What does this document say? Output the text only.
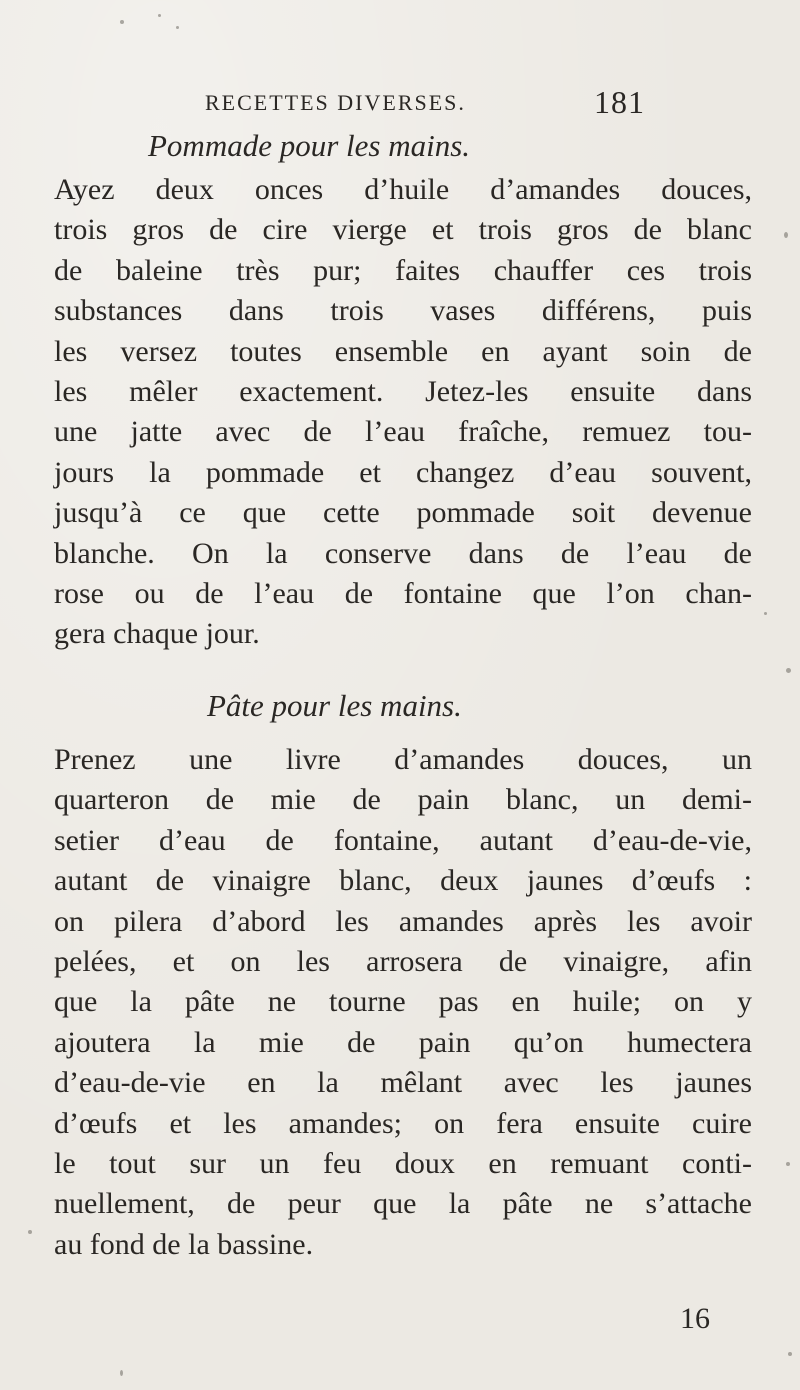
RECETTES DIVERSES.	181
Pommade pour les mains.
Ayez deux onces d’huile d’amandes douces,
trois gros de cire vierge et trois gros de blanc
de baleine très pur; faites chauffer ces trois
substances dans trois vases différens, puis
les versez toutes ensemble en ayant soin de
les mêler exactement. Jetez-les ensuite dans
une jatte avec de l’eau fraîche, remuez tou-
jours la pommade et changez d’eau souvent,
jusqu’à ce que cette pommade soit devenue
blanche. On la conserve dans de l’eau de
rose ou de l’eau de fontaine que l’on chan-
gera chaque jour.
Pâte pour les mains.
Prenez une livre d’amandes douces, un
quarteron de mie de pain blanc, un demi-
setier d’eau de fontaine, autant d’eau-de-vie,
autant de vinaigre blanc, deux jaunes d’œufs :
on pilera d’abord les amandes après les avoir
pelées, et on les arrosera de vinaigre, afin
que la pâte ne tourne pas en huile; on y
ajoutera la mie de pain qu’on humectera
d’eau-de-vie en la mêlant avec les jaunes
d’œufs et les amandes; on fera ensuite cuire
le tout sur un feu doux en remuant conti-
nuellement, de peur que la pâte ne s’attache
au fond de la bassine.
16
